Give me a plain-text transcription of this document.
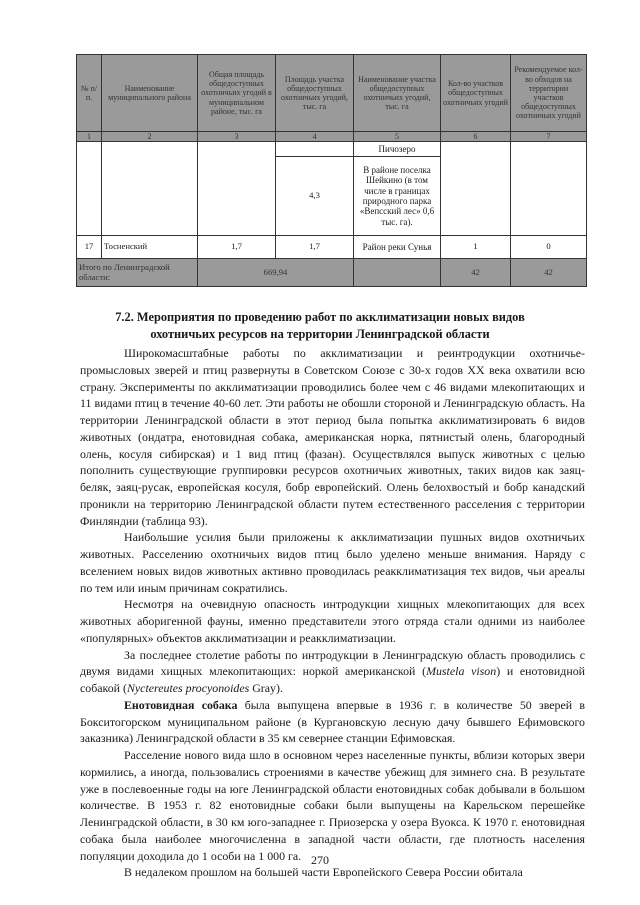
№ п/п.	Наименование муниципального района	Общая площадь общедоступных охотничьих угодий в муниципальном районе, тыс. га	Площадь участка общедоступных охотничьих угодий, тыс. га	Наименование участка общедоступных охотничьих угодий, тыс. га	Кол-во участков общедоступных охотничьих угодий	Рекомендуемое кол-во обходов на территории участков общедоступных охотничьих угодий
1	2	3	4	5	6	7
				Пичозеро		
			4,3	В районе поселка Шейкино (в том числе в границах природного парка «Вепсский лес» 0,6 тыс. га).		
17	Тосненский	1,7	1,7	Район реки Сунья	1	0
Итого по Ленинградской области:		669,94			42	42
7.2. Мероприятия по проведению работ по акклиматизации новых видов охотничьих ресурсов на территории Ленинградской области

Широкомасштабные работы по акклиматизации и реинтродукции охотничье-промысловых зверей и птиц развернуты в Советском Союзе с 30-х годов XX века охватили всю страну. Эксперименты по акклиматизации проводились более чем с 46 видами млекопитающих и 11 видами птиц в течение 40-60 лет. Эти работы не обошли стороной и Ленинградскую область. На территории Ленинградской области в этот период была попытка акклиматизировать 6 видов животных (ондатра, енотовидная собака, американская норка, пятнистый олень, благородный олень, косуля сибирская) и 1 вид птиц (фазан). Осуществлялся выпуск животных с целью пополнить существующие группировки ресурсов охотничьих животных, таких видов как заяц-беляк, заяц-русак, европейская косуля, бобр европейский. Олень белохвостый и бобр канадский проникли на территорию Ленинградской области путем естественного расселения с территории Финляндии (таблица 93).

Наибольшие усилия были приложены к акклиматизации пушных видов охотничьих животных. Расселению охотничьих видов птиц было уделено меньше внимания. Наряду с вселением новых видов животных активно проводилась реакклиматизация тех видов, чьи ареалы по тем или иным причинам сократились.

Несмотря на очевидную опасность интродукции хищных млекопитающих для всех животных аборигенной фауны, именно представители этого отряда стали одними из наиболее «популярных» объектов акклиматизации и реакклиматизации.

За последнее столетие работы по интродукции в Ленинградскую область проводились с двумя видами хищных млекопитающих: норкой американской (Mustela vison) и енотовидной собакой (Nyctereutes procyonoides Gray).

Енотовидная собака была выпущена впервые в 1936 г. в количестве 50 зверей в Бокситогорском муниципальном районе (в Кургановскую лесную дачу бывшего Ефимовского заказника) Ленинградской области в 35 км севернее станции Ефимовская.

Расселение нового вида шло в основном через населенные пункты, вблизи которых звери кормились, а иногда, пользовались строениями в качестве убежищ для зимнего сна. В результате уже в послевоенные годы на юге Ленинградской области енотовидных собак добывали в большом количестве. В 1953 г. 82 енотовидные собаки были выпущены на Карельском перешейке Ленинградской области, в 30 км юго-западнее г. Приозерска у озера Вуокса. К 1970 г. енотовидная собака была наиболее многочисленна в западной части области, где плотность населения популяции доходила до 1 особи на 1 000 га.

В недалеком прошлом на большей части Европейского Севера России обитала

270
